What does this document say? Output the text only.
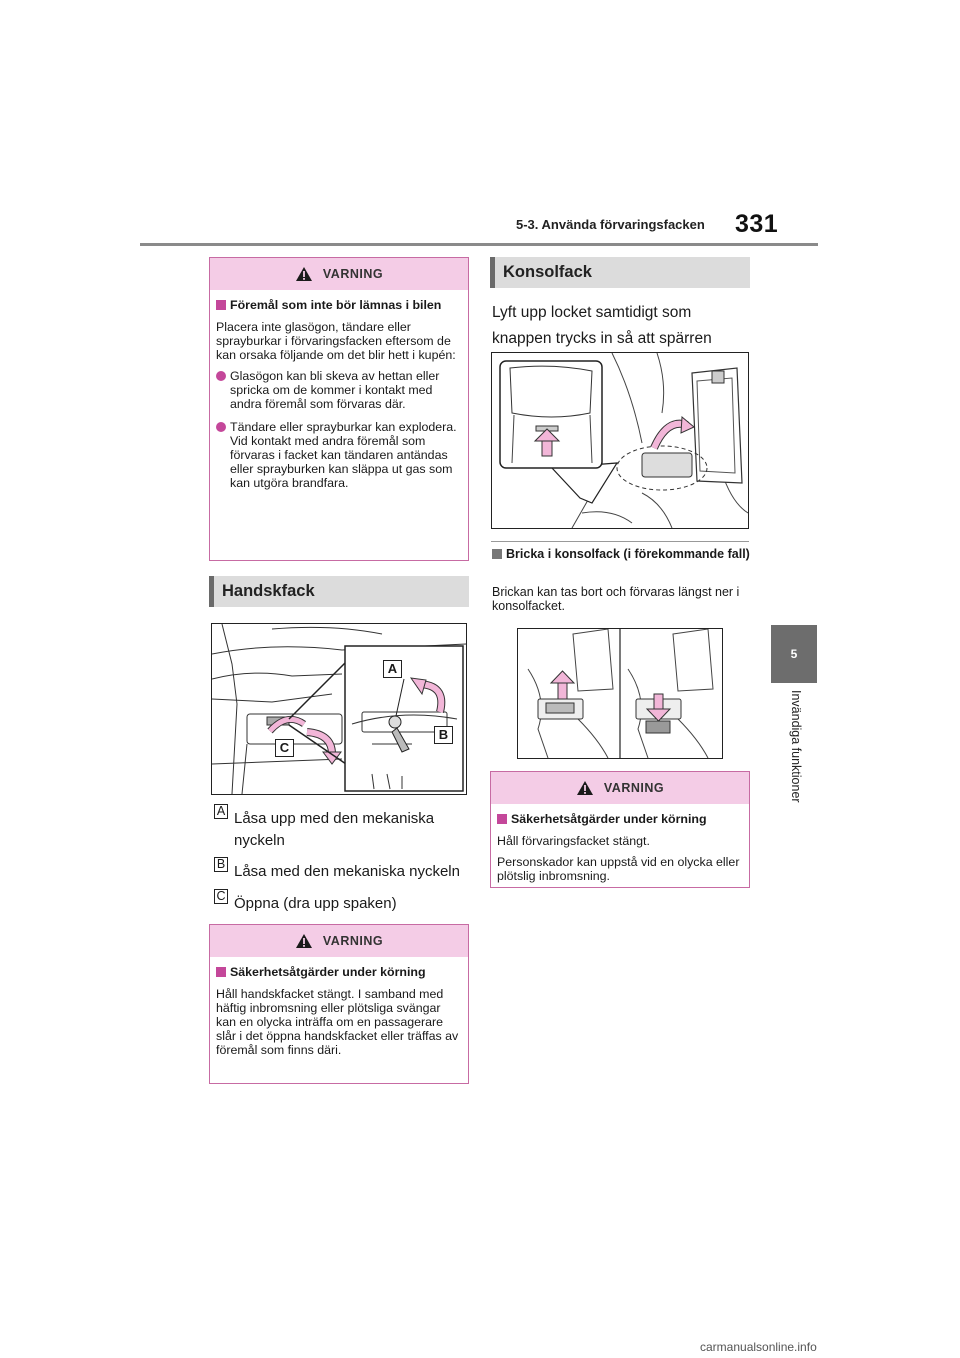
5-3. Använda förvaringsfacken 331
5
Invändiga funktioner
VARNING
Föremål som inte bör lämnas i bilen
Placera inte glasögon, tändare eller sprayburkar i förvaringsfacken eftersom de kan orsaka följande om det blir hett i kupén:
Glasögon kan bli skeva av hettan eller spricka om de kommer i kontakt med andra föremål som förvaras där.
Tändare eller sprayburkar kan explodera. Vid kontakt med andra föremål som förvaras i facket kan tändaren antändas eller sprayburken kan släppa ut gas som kan utgöra brandfara.
Handskfack
A
B
C
A Låsa upp med den mekaniska nyckeln
B Låsa med den mekaniska nyckeln
C Öppna (dra upp spaken)
VARNING
Säkerhetsåtgärder under körning
Håll handskfacket stängt. I samband med häftig inbromsning eller plötsliga svängar kan en olycka inträffa om en passagerare slår i det öppna handskfacket eller träffas av föremål som finns däri.
Konsolfack
Lyft upp locket samtidigt som knappen trycks in så att spärren
Bricka i konsolfack (i förekommande fall)
Brickan kan tas bort och förvaras längst ner i konsolfacket.
VARNING
Säkerhetsåtgärder under körning
Håll förvaringsfacket stängt.
Personskador kan uppstå vid en olycka eller plötslig inbromsning.
carmanualsonline.info
